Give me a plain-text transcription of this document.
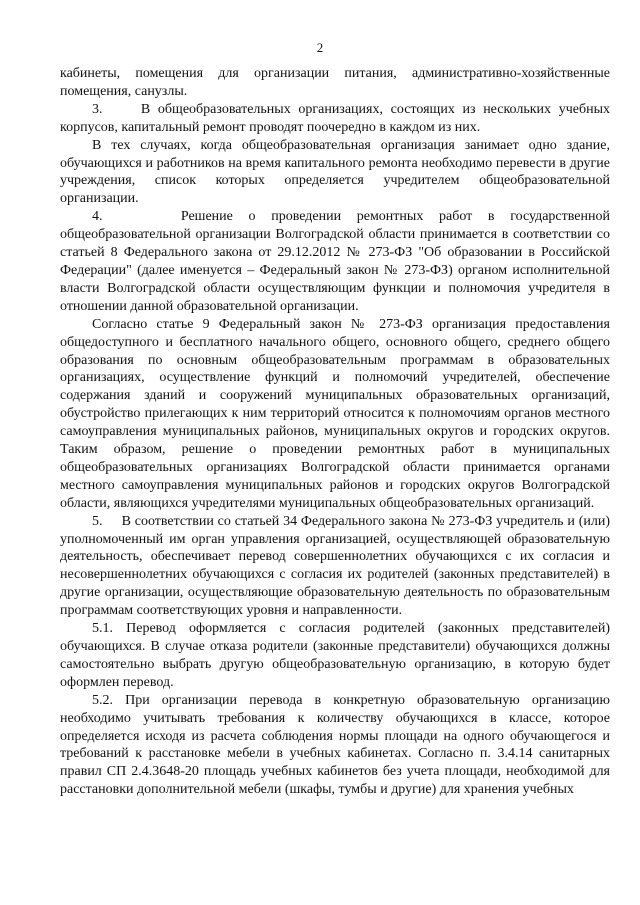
2

кабинеты, помещения для организации питания, административно-хозяйственные помещения, санузлы.

3.     В общеобразовательных организациях, состоящих из нескольких учебных корпусов, капитальный ремонт проводят поочередно в каждом из них.

В тех случаях, когда общеобразовательная организация занимает одно здание, обучающихся и работников на время капитального ремонта необходимо перевести в другие учреждения, список которых определяется учредителем общеобразовательной организации.

4.     Решение о проведении ремонтных работ в государственной общеобразовательной организации Волгоградской области принимается в соответствии со статьей 8 Федерального закона от 29.12.2012 № 273-ФЗ "Об образовании в Российской Федерации" (далее именуется – Федеральный закон № 273-ФЗ) органом исполнительной власти Волгоградской области осуществляющим функции и полномочия учредителя в отношении данной образовательной организации.

Согласно статье 9 Федеральный закон № 273-ФЗ организация предоставления общедоступного и бесплатного начального общего, основного общего, среднего общего образования по основным общеобразовательным программам в образовательных организациях, осуществление функций и полномочий учредителей, обеспечение содержания зданий и сооружений муниципальных образовательных организаций, обустройство прилегающих к ним территорий относится к полномочиям органов местного самоуправления муниципальных районов, муниципальных округов и городских округов. Таким образом, решение о проведении ремонтных работ в муниципальных общеобразовательных организациях Волгоградской области принимается органами местного самоуправления муниципальных районов и городских округов Волгоградской области, являющихся учредителями муниципальных общеобразовательных организаций.

5.     В соответствии со статьей 34 Федерального закона № 273-ФЗ учредитель и (или) уполномоченный им орган управления организацией, осуществляющей образовательную деятельность, обеспечивает перевод совершеннолетних обучающихся с их согласия и несовершеннолетних обучающихся с согласия их родителей (законных представителей) в другие организации, осуществляющие образовательную деятельность по образовательным программам соответствующих уровня и направленности.

5.1. Перевод оформляется с согласия родителей (законных представителей) обучающихся. В случае отказа родители (законные представители) обучающихся должны самостоятельно выбрать другую общеобразовательную организацию, в которую будет оформлен перевод.

5.2. При организации перевода в конкретную образовательную организацию необходимо учитывать требования к количеству обучающихся в классе, которое определяется исходя из расчета соблюдения нормы площади на одного обучающегося и требований к расстановке мебели в учебных кабинетах. Согласно п. 3.4.14 санитарных правил СП 2.4.3648-20 площадь учебных кабинетов без учета площади, необходимой для расстановки дополнительной мебели (шкафы, тумбы и другие) для хранения учебных
